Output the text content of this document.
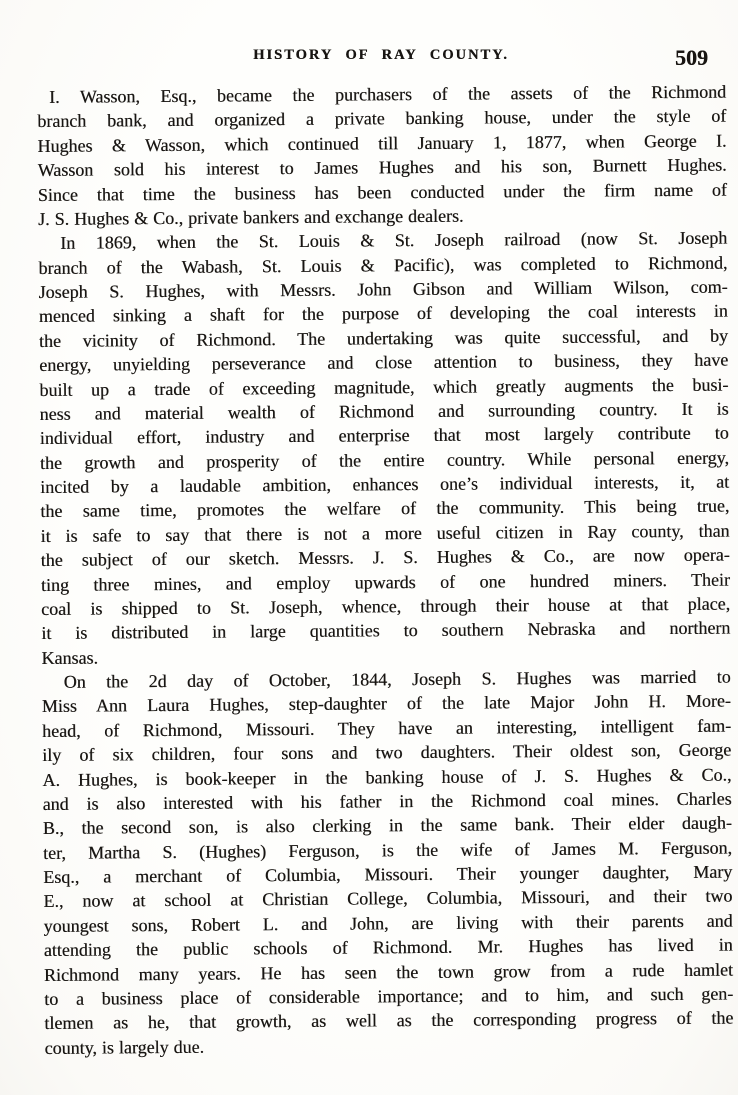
HISTORY OF RAY COUNTY.	509
I. Wasson, Esq., became the purchasers of the assets of the Richmond
branch bank, and organized a private banking house, under the style of
Hughes & Wasson, which continued till January 1, 1877, when George I.
Wasson sold his interest to James Hughes and his son, Burnett Hughes.
Since that time the business has been conducted under the firm name of
J. S. Hughes & Co., private bankers and exchange dealers.
In 1869, when the St. Louis & St. Joseph railroad (now St. Joseph
branch of the Wabash, St. Louis & Pacific), was completed to Richmond,
Joseph S. Hughes, with Messrs. John Gibson and William Wilson, com-
menced sinking a shaft for the purpose of developing the coal interests in
the vicinity of Richmond. The undertaking was quite successful, and by
energy, unyielding perseverance and close attention to business, they have
built up a trade of exceeding magnitude, which greatly augments the busi-
ness and material wealth of Richmond and surrounding country. It is
individual effort, industry and enterprise that most largely contribute to
the growth and prosperity of the entire country. While personal energy,
incited by a laudable ambition, enhances one’s individual interests, it, at
the same time, promotes the welfare of the community. This being true,
it is safe to say that there is not a more useful citizen in Ray county, than
the subject of our sketch. Messrs. J. S. Hughes & Co., are now opera-
ting three mines, and employ upwards of one hundred miners. Their
coal is shipped to St. Joseph, whence, through their house at that place,
it is distributed in large quantities to southern Nebraska and northern
Kansas.
On the 2d day of October, 1844, Joseph S. Hughes was married to
Miss Ann Laura Hughes, step-daughter of the late Major John H. More-
head, of Richmond, Missouri. They have an interesting, intelligent fam-
ily of six children, four sons and two daughters. Their oldest son, George
A. Hughes, is book-keeper in the banking house of J. S. Hughes & Co.,
and is also interested with his father in the Richmond coal mines. Charles
B., the second son, is also clerking in the same bank. Their elder daugh-
ter, Martha S. (Hughes) Ferguson, is the wife of James M. Ferguson,
Esq., a merchant of Columbia, Missouri. Their younger daughter, Mary
E., now at school at Christian College, Columbia, Missouri, and their two
youngest sons, Robert L. and John, are living with their parents and
attending the public schools of Richmond. Mr. Hughes has lived in
Richmond many years. He has seen the town grow from a rude hamlet
to a business place of considerable importance; and to him, and such gen-
tlemen as he, that growth, as well as the corresponding progress of the
county, is largely due.
